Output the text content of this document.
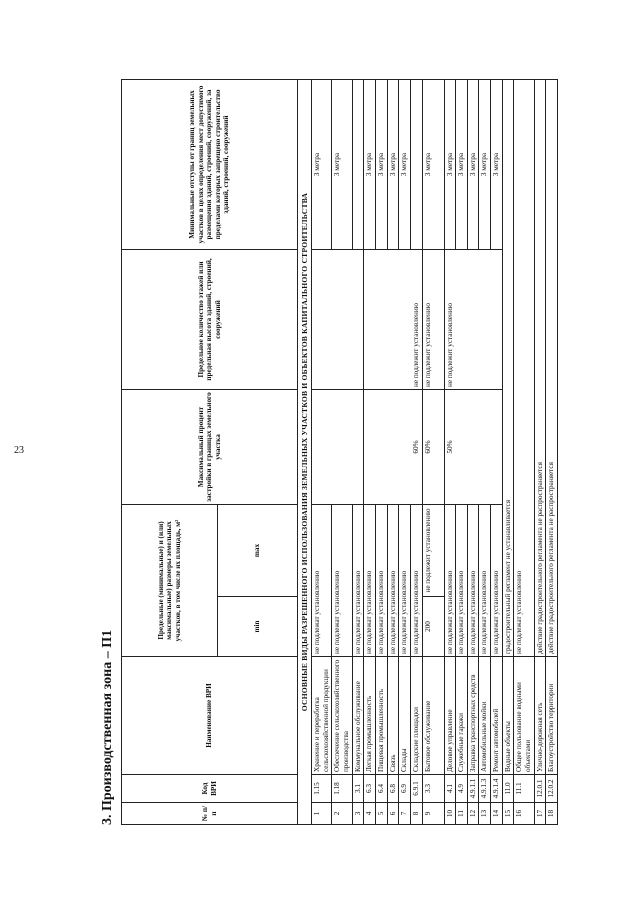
23
3. Производственная зона – П1	№ п/п	Код ВРИ	Наименование ВРИ	Предельные (минимальные) и (или) максимальные) размеры земельных участков, в том числе их площадь, м²		Максимальный процент застройки в границах земельного участка	Предельное количество этажей или предельная высота зданий, строений, сооружений	Минимальные отступы от границ земельных участков в целях определения мест допустимого размещения зданий, строений, сооружений, за пределами которых запрещено строительство зданий, строений, сооружений
			min	max			
ОСНОВНЫЕ ВИДЫ РАЗРЕШЕННОГО ИСПОЛЬЗОВАНИЯ ЗЕМЕЛЬНЫХ УЧАСТКОВ И ОБЪЕКТОВ КАПИТАЛЬНОГО СТРОИТЕЛЬСТВА							
1	1.15	Хранение и переработка сельскохозяйственной продукции	не подлежат установлению				3 метра
2	1.18	Обеспечение сельскохозяйственного производства	не подлежат установлению				3 метра
3	3.1	Коммунальное обслуживание	не подлежат установлению				
4	6.3	Легкая промышленность	не подлежат установлению		60%	не подлежит установлению	3 метра
5	6.4	Пищевая промышленность	не подлежат установлению				3 метра
6	6.8	Связь	не подлежат установлению				3 метра
7	6.9	Склады	не подлежат установлению				3 метра
8	6.9.1	Складские площадки	не подлежат установлению				
9	3.3	Бытовое обслуживание	200	не подлежит установлению	60%	не подлежит установлению	3 метра
10	4.1	Деловое управление	не подлежат установлению		50%	не подлежит установлению	3 метра
11	4.9	Служебные гаражи	не подлежат установлению				3 метра
12	4.9.1.1	Заправка транспортных средств	не подлежат установлению				3 метра
13	4.9.1.3	Автомобильные мойки	не подлежат установлению				3 метра
14	4.9.1.4	Ремонт автомобилей	не подлежат установлению				3 метра
15	11.0	Водные объекты	градостроительный регламент не устанавливается				
16	11.1	Общее пользование водными объектами	не подлежат установлению				
17	12.0.1	Улично-дорожная сеть	действие градостроительного регламента не распространяется				
18	12.0.2	Благоустройство территории	действие градостроительного регламента не распространяется				
